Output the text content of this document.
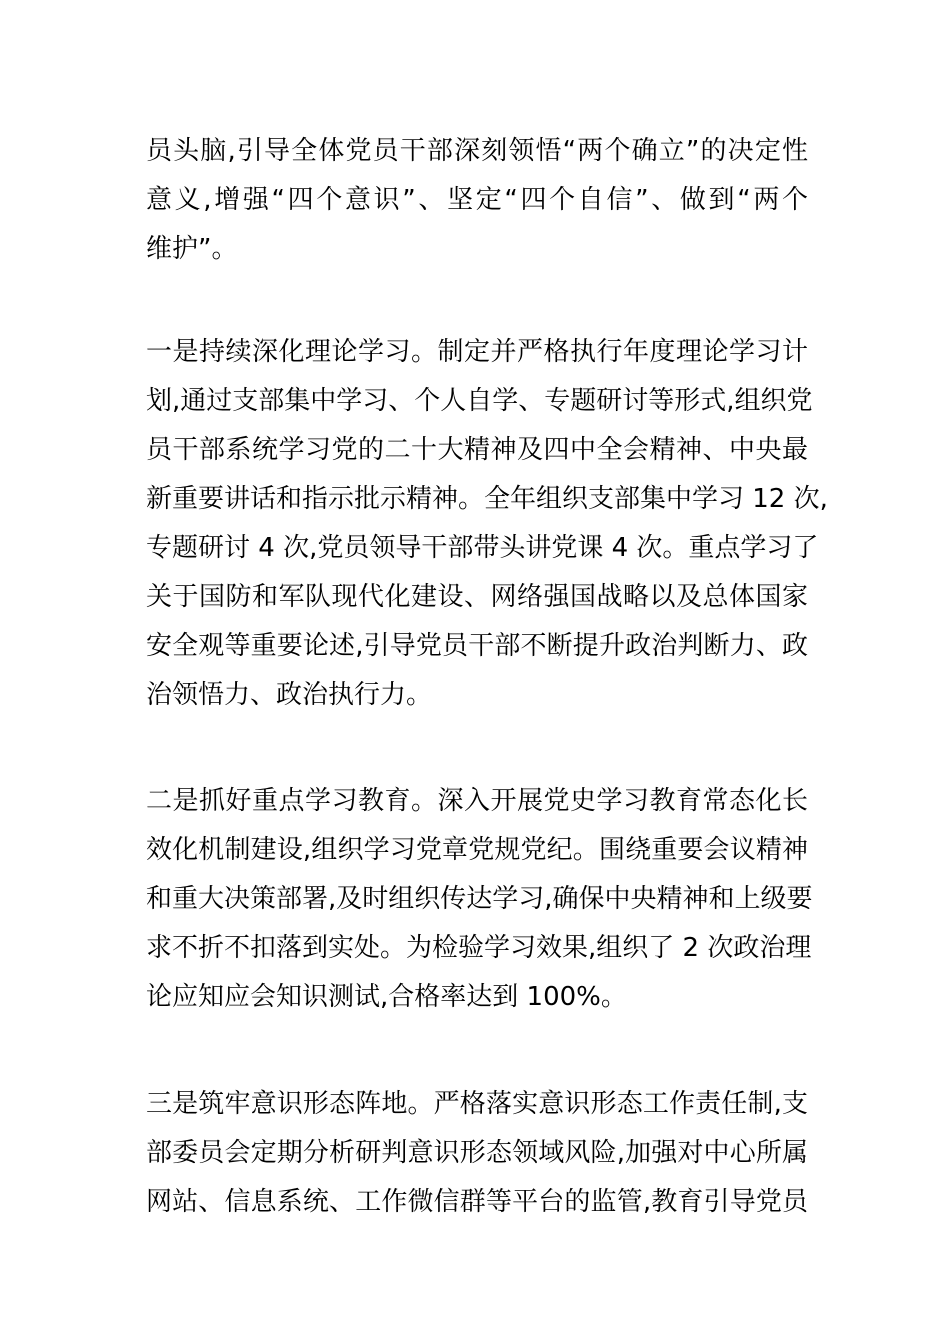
员头脑,引导全体党员干部深刻领悟“两个确立”的决定性
意义,增强“四个意识”、坚定“四个自信”、做到“两个
维护”。
一是持续深化理论学习。制定并严格执行年度理论学习计
划,通过支部集中学习、个人自学、专题研讨等形式,组织党
员干部系统学习党的二十大精神及四中全会精神、中央最
新重要讲话和指示批示精神。全年组织支部集中学习 12 次,
专题研讨 4 次,党员领导干部带头讲党课 4 次。重点学习了
关于国防和军队现代化建设、网络强国战略以及总体国家
安全观等重要论述,引导党员干部不断提升政治判断力、政
治领悟力、政治执行力。
二是抓好重点学习教育。深入开展党史学习教育常态化长
效化机制建设,组织学习党章党规党纪。围绕重要会议精神
和重大决策部署,及时组织传达学习,确保中央精神和上级要
求不折不扣落到实处。为检验学习效果,组织了 2 次政治理
论应知应会知识测试,合格率达到 100%。
三是筑牢意识形态阵地。严格落实意识形态工作责任制,支
部委员会定期分析研判意识形态领域风险,加强对中心所属
网站、信息系统、工作微信群等平台的监管,教育引导党员
